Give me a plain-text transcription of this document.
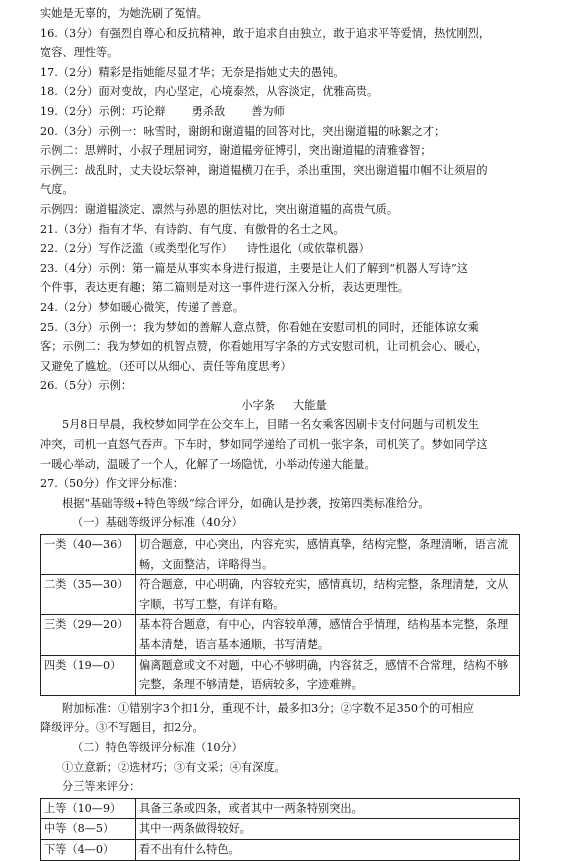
实她是无辜的，为她洗刷了冤情。
16.（3分）有强烈自尊心和反抗精神，敢于追求自由独立，敢于追求平等爱情，热忱刚烈，
宽容、理性等。
17.（2分）精彩是指她能尽显才华；无奈是指她丈夫的愚钝。
18.（2分）面对变故，内心坚定，心境泰然，从容淡定，优雅高贵。
19.（2分）示例：巧论辩 勇杀敌 善为师
20.（3分）示例一：咏雪时，谢朗和谢道韫的回答对比，突出谢道韫的咏絮之才；
示例二：思辨时，小叔子理屈词穷，谢道韫旁征博引，突出谢道韫的清雅睿智；
示例三：战乱时，丈夫设坛祭神，谢道韫横刀在手，杀出重围，突出谢道韫巾帼不让须眉的
气度。
示例四：谢道韫淡定、凛然与孙恩的胆怯对比，突出谢道韫的高贵气质。
21.（3分）指有才华、有诗韵、有气度、有傲骨的名士之风。
22.（2分）写作泛滥（或类型化写作） 诗性退化（或依靠机器）
23.（4分）示例：第一篇是从事实本身进行报道，主要是让人们了解到“机器人写诗”这
个件事，表达更有趣；第二篇则是对这一事件进行深入分析，表达更理性。
24.（2分）梦如暖心微笑，传递了善意。
25.（3分）示例一：我为梦如的善解人意点赞，你看她在安慰司机的同时，还能体谅女乘
客；示例二：我为梦如的机智点赞，你看她用写字条的方式安慰司机，让司机会心、暖心，
又避免了尴尬。（还可以从细心、责任等角度思考）
26.（5分）示例：
小字条 大能量
5月8日早晨，我校梦如同学在公交车上，目睹一名女乘客因刷卡支付问题与司机发生
冲突，司机一直怒气吞声。下车时，梦如同学递给了司机一张字条，司机笑了。梦如同学这
一暖心举动，温暖了一个人，化解了一场隐忧，小举动传递大能量。
27.（50分）作文评分标准：
根据“基础等级+特色等级”综合评分，如确认是抄袭，按第四类标准给分。
（一）基础等级评分标准（40分）
一类（40—36）	切合题意，中心突出，内容充实，感情真挚，结构完整，条理清晰，语言流畅，文面整洁，详略得当。
二类（35—30）	符合题意，中心明确，内容较充实，感情真切，结构完整，条理清楚，文从字顺，书写工整，有详有略。
三类（29—20）	基本符合题意，有中心，内容较单薄，感情合乎情理，结构基本完整，条理基本清楚，语言基本通顺，书写清楚。
四类（19—0）	偏离题意或文不对题，中心不够明确，内容贫乏，感情不合常理，结构不够完整，条理不够清楚，语病较多，字迹难辨。
附加标准：①错别字3个扣1分，重现不计，最多扣3分；②字数不足350个的可相应
降级评分。③不写题目，扣2分。
（二）特色等级评分标准（10分）
①立意新；②选材巧；③有文采；④有深度。
分三等来评分：
上等（10—9）	具备三条或四条，或者其中一两条特别突出。
中等（8—5）	其中一两条做得较好。
下等（4—0）	看不出有什么特色。
